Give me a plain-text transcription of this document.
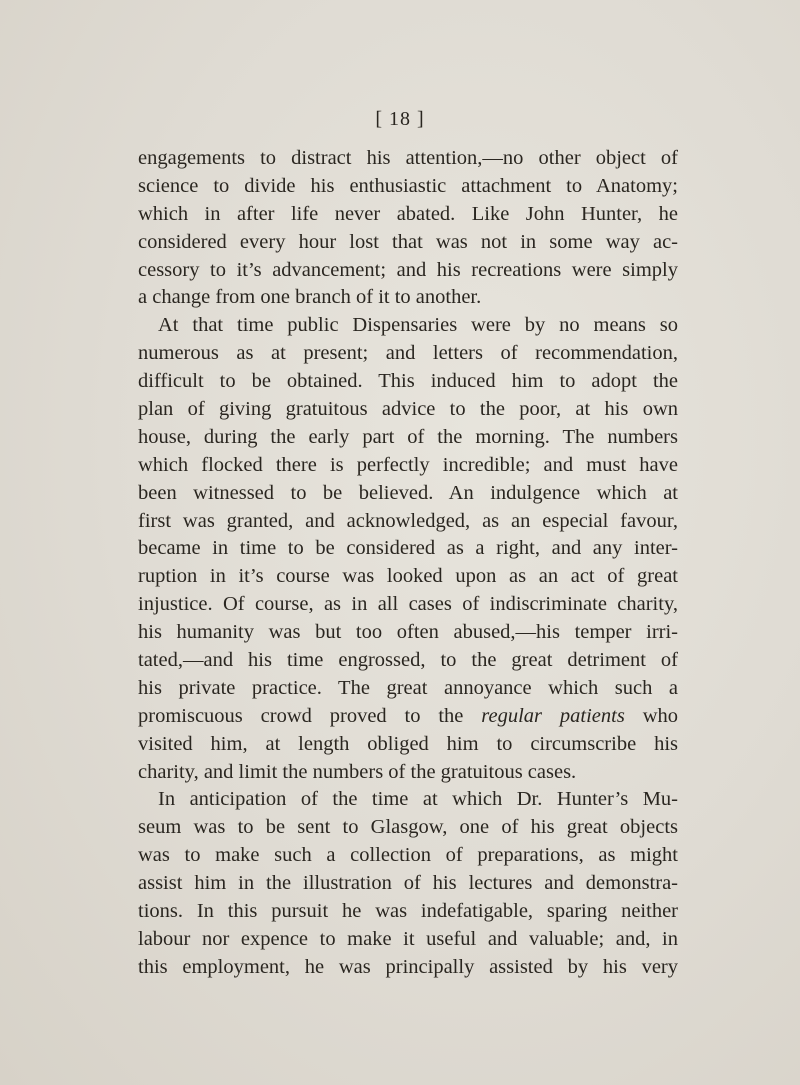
[ 18 ]
engagements to distract his attention,—no other object of
science to divide his enthusiastic attachment to Anatomy;
which in after life never abated. Like John Hunter, he
considered every hour lost that was not in some way ac-
cessory to it’s advancement; and his recreations were simply
a change from one branch of it to another.
At that time public Dispensaries were by no means so
numerous as at present; and letters of recommendation,
difficult to be obtained. This induced him to adopt the
plan of giving gratuitous advice to the poor, at his own
house, during the early part of the morning. The numbers
which flocked there is perfectly incredible; and must have
been witnessed to be believed. An indulgence which at
first was granted, and acknowledged, as an especial favour,
became in time to be considered as a right, and any inter-
ruption in it’s course was looked upon as an act of great
injustice. Of course, as in all cases of indiscriminate charity,
his humanity was but too often abused,—his temper irri-
tated,—and his time engrossed, to the great detriment of
his private practice. The great annoyance which such a
promiscuous crowd proved to the regular patients who
visited him, at length obliged him to circumscribe his
charity, and limit the numbers of the gratuitous cases.
In anticipation of the time at which Dr. Hunter’s Mu-
seum was to be sent to Glasgow, one of his great objects
was to make such a collection of preparations, as might
assist him in the illustration of his lectures and demonstra-
tions. In this pursuit he was indefatigable, sparing neither
labour nor expence to make it useful and valuable; and, in
this employment, he was principally assisted by his very
